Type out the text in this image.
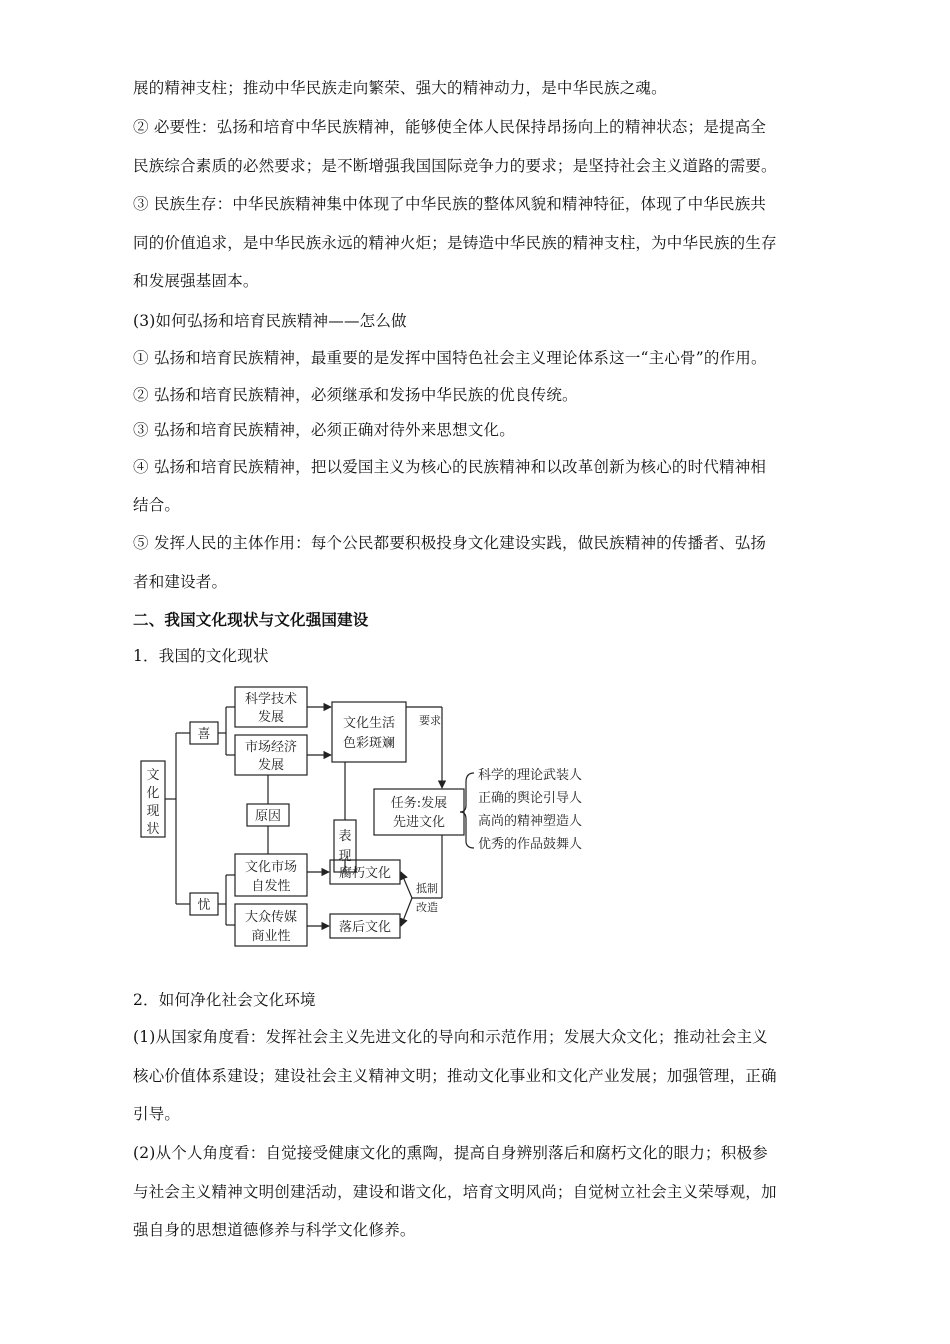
展的精神支柱；推动中华民族走向繁荣、强大的精神动力，是中华民族之魂。
② 必要性：弘扬和培育中华民族精神，能够使全体人民保持昂扬向上的精神状态；是提高全
民族综合素质的必然要求；是不断增强我国国际竞争力的要求；是坚持社会主义道路的需要。
③ 民族生存：中华民族精神集中体现了中华民族的整体风貌和精神特征，体现了中华民族共
同的价值追求，是中华民族永远的精神火炬；是铸造中华民族的精神支柱，为中华民族的生存
和发展强基固本。
(3)如何弘扬和培育民族精神——怎么做
① 弘扬和培育民族精神，最重要的是发挥中国特色社会主义理论体系这一“主心骨”的作用。
② 弘扬和培育民族精神，必须继承和发扬中华民族的优良传统。
③ 弘扬和培育民族精神，必须正确对待外来思想文化。
④ 弘扬和培育民族精神，把以爱国主义为核心的民族精神和以改革创新为核心的时代精神相
结合。
⑤ 发挥人民的主体作用：每个公民都要积极投身文化建设实践，做民族精神的传播者、弘扬
者和建设者。
二、我国文化现状与文化强国建设
1．我国的文化现状
文
化
现
状
喜
忧
科学技术
发展
市场经济
发展
原因
文化生活
色彩斑斓
要求
表
现
任务:发展
先进文化
科学的理论武装人
正确的舆论引导人
高尚的精神塑造人
优秀的作品鼓舞人
文化市场
自发性
大众传媒
商业性
腐朽文化
落后文化
抵制
改造
2．如何净化社会文化环境
(1)从国家角度看：发挥社会主义先进文化的导向和示范作用；发展大众文化；推动社会主义
核心价值体系建设；建设社会主义精神文明；推动文化事业和文化产业发展；加强管理，正确
引导。
(2)从个人角度看：自觉接受健康文化的熏陶，提高自身辨别落后和腐朽文化的眼力；积极参
与社会主义精神文明创建活动，建设和谐文化，培育文明风尚；自觉树立社会主义荣辱观，加
强自身的思想道德修养与科学文化修养。
